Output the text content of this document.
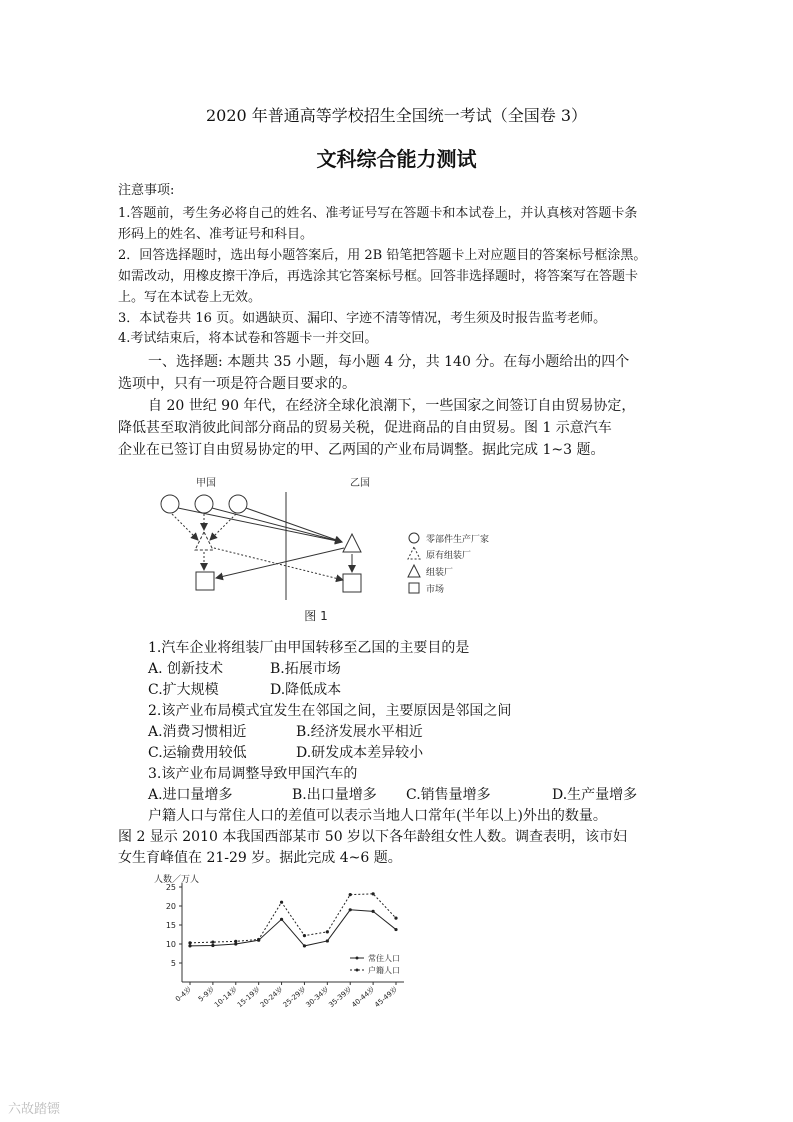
2020 年普通高等学校招生全国统一考试（全国卷 3）
文科综合能力测试
注意事项:
1.答题前，考生务必将自己的姓名、准考证号写在答题卡和本试卷上，并认真核对答题卡条
形码上的姓名、准考证号和科目。
2．回答选择题时，选出每小题答案后，用 2B 铅笔把答题卡上对应题目的答案标号框涂黑。
如需改动，用橡皮擦干净后，再选涂其它答案标号框。回答非选择题时，将答案写在答题卡
上。写在本试卷上无效。
3．本试卷共 16 页。如遇缺页、漏印、字迹不清等情况，考生须及时报告监考老师。
4.考试结束后，将本试卷和答题卡一并交回。
一、选择题: 本题共 35 小题，每小题 4 分，共 140 分。在每小题给出的四个
选项中，只有一项是符合题目要求的。
自 20 世纪 90 年代，在经济全球化浪潮下，一些国家之间签订自由贸易协定，
降低甚至取消彼此间部分商品的贸易关税，促进商品的自由贸易。图 1 示意汽车
企业在已签订自由贸易协定的甲、乙两国的产业布局调整。据此完成 1~3 题。
甲国	乙国
零部件生产厂家
原有组装厂
组装厂
市场
图 1
1.汽车企业将组装厂由甲国转移至乙国的主要目的是
A. 创新技术	B.拓展市场
C.扩大规模	D.降低成本
2.该产业布局模式宜发生在邻国之间，主要原因是邻国之间
A.消费习惯相近	B.经济发展水平相近
C.运输费用较低	D.研发成本差异较小
3.该产业布局调整导致甲国汽车的
A.进口量增多	B.出口量增多 C.销售量增多	D.生产量增多
户籍人口与常住人口的差值可以表示当地人口常年(半年以上)外出的数量。
图 2 显示 2010 本我国西部某市 50 岁以下各年龄组女性人数。调查表明，该市妇
女生育峰值在 21-29 岁。据此完成 4~6 题。
人数／万人
5
10
15
20
25
0-4岁 5-9岁
10-14岁
15-19岁
20-24岁
25-29岁
30-34岁
35-39岁
40-44岁
45-49岁
常住人口
户籍人口
六故踏镖
